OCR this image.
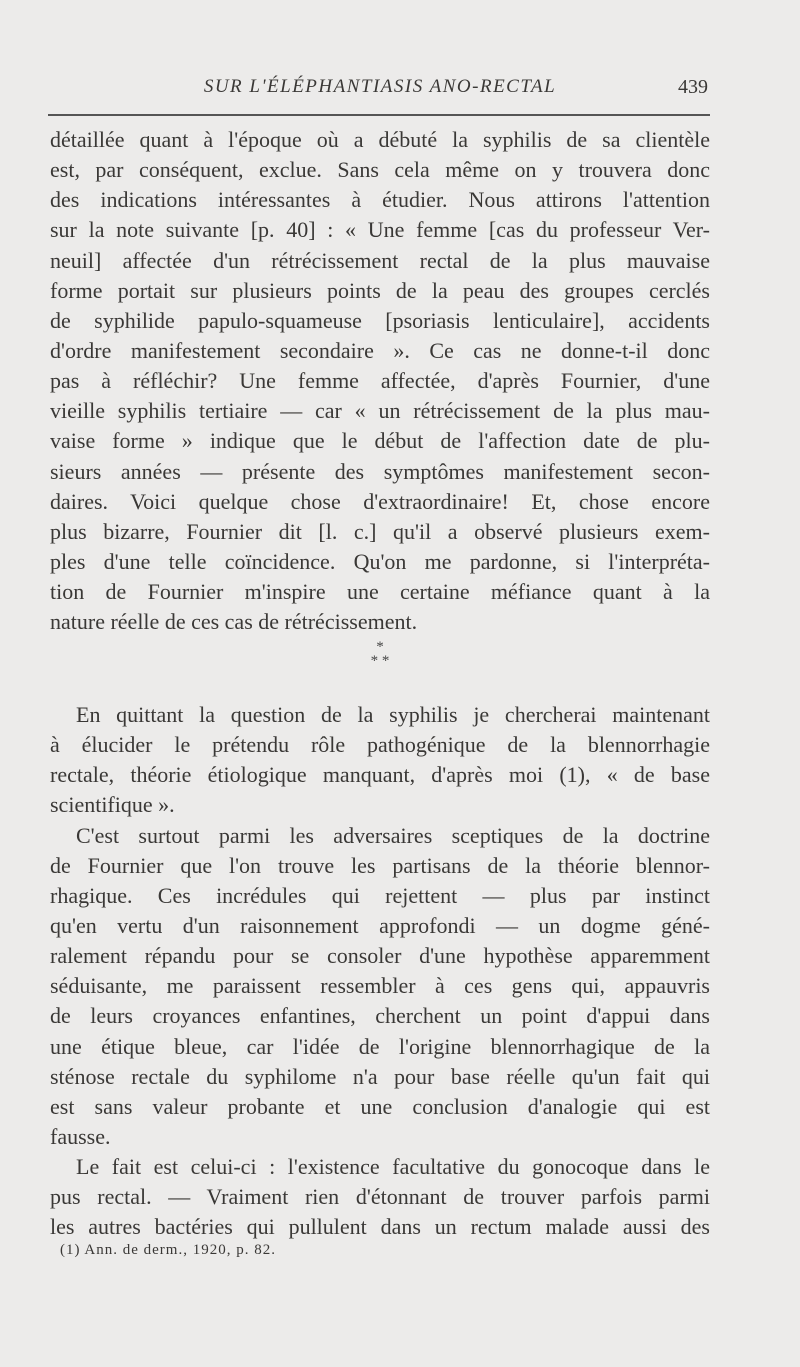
SUR L'ÉLÉPHANTIASIS ANO-RECTAL	439
détaillée quant à l'époque où a débuté la syphilis de sa clientèle
est, par conséquent, exclue. Sans cela même on y trouvera donc
des indications intéressantes à étudier. Nous attirons l'attention
sur la note suivante [p. 40] : « Une femme [cas du professeur Ver-
neuil] affectée d'un rétrécissement rectal de la plus mauvaise
forme portait sur plusieurs points de la peau des groupes cerclés
de syphilide papulo-squameuse [psoriasis lenticulaire], accidents
d'ordre manifestement secondaire ». Ce cas ne donne-t-il donc
pas à réfléchir? Une femme affectée, d'après Fournier, d'une
vieille syphilis tertiaire — car « un rétrécissement de la plus mau-
vaise forme » indique que le début de l'affection date de plu-
sieurs années — présente des symptômes manifestement secon-
daires. Voici quelque chose d'extraordinaire! Et, chose encore
plus bizarre, Fournier dit [l. c.] qu'il a observé plusieurs exem-
ples d'une telle coïncidence. Qu'on me pardonne, si l'interpréta-
tion de Fournier m'inspire une certaine méfiance quant à la
nature réelle de ces cas de rétrécissement.
*
* *
En quittant la question de la syphilis je chercherai maintenant
à élucider le prétendu rôle pathogénique de la blennorrhagie
rectale, théorie étiologique manquant, d'après moi (1), « de base
scientifique ».
C'est surtout parmi les adversaires sceptiques de la doctrine
de Fournier que l'on trouve les partisans de la théorie blennor-
rhagique. Ces incrédules qui rejettent — plus par instinct
qu'en vertu d'un raisonnement approfondi — un dogme géné-
ralement répandu pour se consoler d'une hypothèse apparemment
séduisante, me paraissent ressembler à ces gens qui, appauvris
de leurs croyances enfantines, cherchent un point d'appui dans
une étique bleue, car l'idée de l'origine blennorrhagique de la
sténose rectale du syphilome n'a pour base réelle qu'un fait qui
est sans valeur probante et une conclusion d'analogie qui est
fausse.
Le fait est celui-ci : l'existence facultative du gonocoque dans le
pus rectal. — Vraiment rien d'étonnant de trouver parfois parmi
les autres bactéries qui pullulent dans un rectum malade aussi des
(1) Ann. de derm., 1920, p. 82.
